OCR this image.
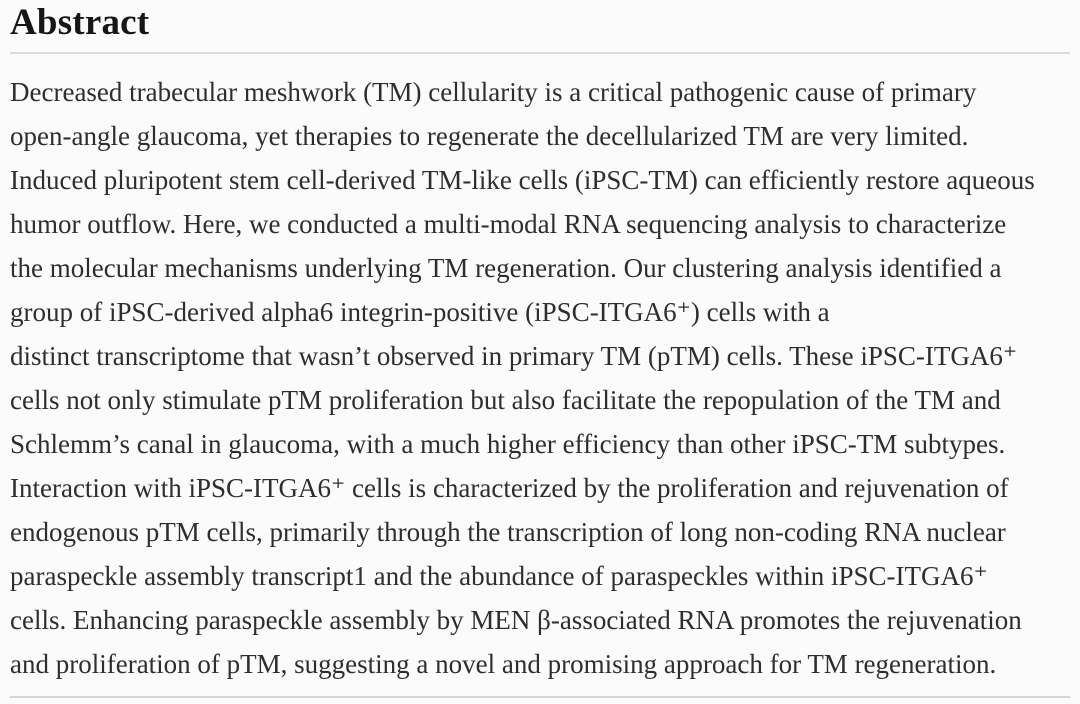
Abstract
Decreased trabecular meshwork (TM) cellularity is a critical pathogenic cause of primary
open-angle glaucoma, yet therapies to regenerate the decellularized TM are very limited.
Induced pluripotent stem cell-derived TM-like cells (iPSC-TM) can efficiently restore aqueous
humor outflow. Here, we conducted a multi-modal RNA sequencing analysis to characterize
the molecular mechanisms underlying TM regeneration. Our clustering analysis identified a
group of iPSC-derived alpha6 integrin-positive (iPSC-ITGA6⁺) cells with a
distinct transcriptome that wasn’t observed in primary TM (pTM) cells. These iPSC-ITGA6⁺
cells not only stimulate pTM proliferation but also facilitate the repopulation of the TM and
Schlemm’s canal in glaucoma, with a much higher efficiency than other iPSC-TM subtypes.
Interaction with iPSC-ITGA6⁺ cells is characterized by the proliferation and rejuvenation of
endogenous pTM cells, primarily through the transcription of long non-coding RNA nuclear
paraspeckle assembly transcript1 and the abundance of paraspeckles within iPSC-ITGA6⁺
cells. Enhancing paraspeckle assembly by MEN β-associated RNA promotes the rejuvenation
and proliferation of pTM, suggesting a novel and promising approach for TM regeneration.
